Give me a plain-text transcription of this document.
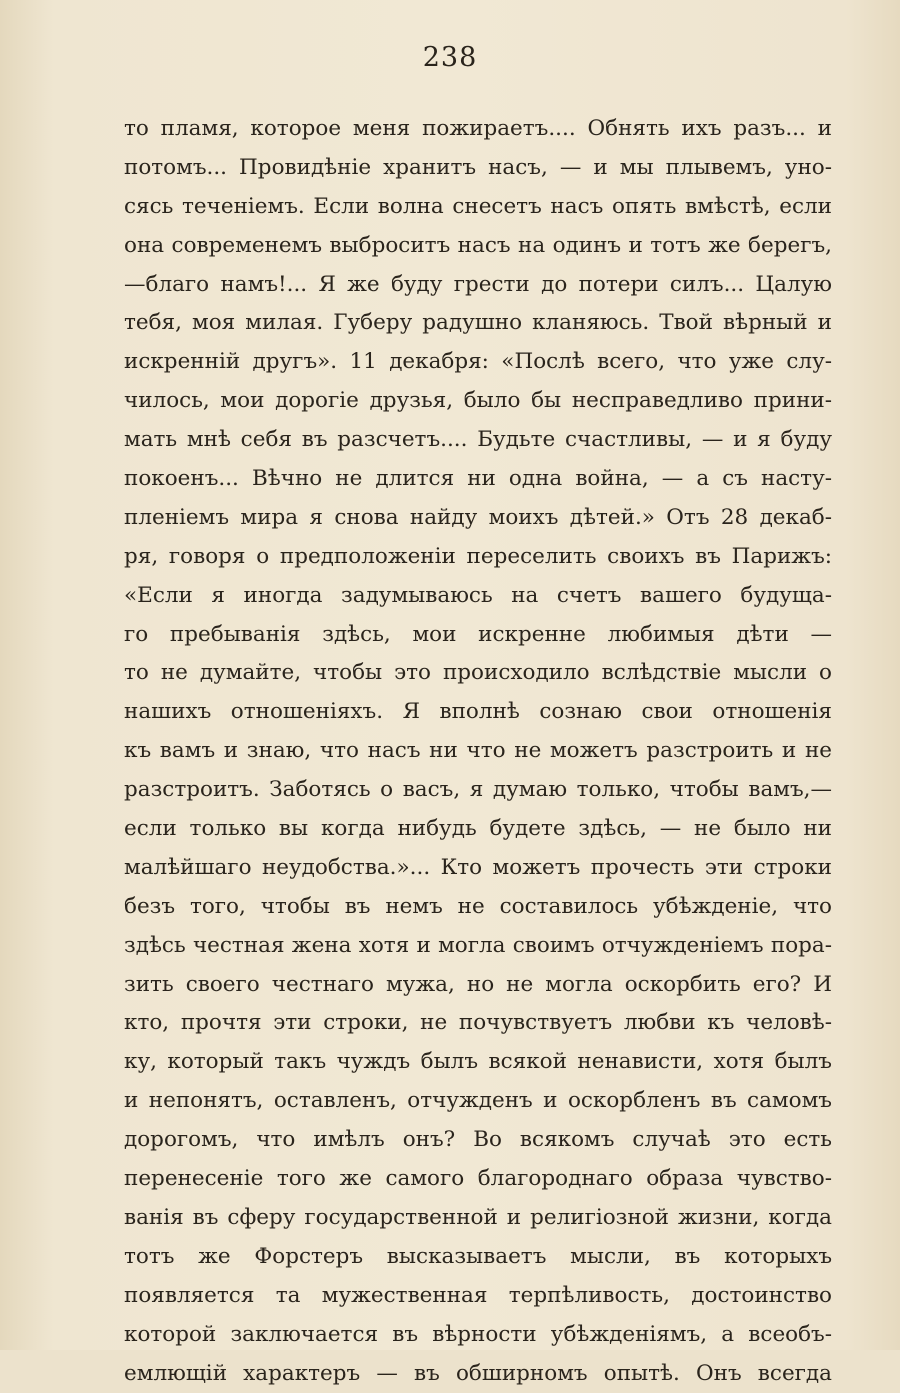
238
то пламя, которое меня пожираетъ.... Обнять ихъ разъ... и
потомъ... Провидѣніе хранитъ насъ, — и мы плывемъ, уно-
сясь теченіемъ. Если волна снесетъ насъ опять вмѣстѣ, если
она современемъ выброситъ насъ на одинъ и тотъ же берегъ,
—благо намъ!... Я же буду грести до потери силъ... Цалую
тебя, моя милая. Губеру радушно кланяюсь. Твой вѣрный и
искренній другъ». 11 декабря: «Послѣ всего, что уже слу-
чилось, мои дорогіе друзья, было бы несправедливо прини-
мать мнѣ себя въ разсчетъ.... Будьте счастливы, — и я буду
покоенъ... Вѣчно не длится ни одна война, — а съ насту-
пленіемъ мира я снова найду моихъ дѣтей.» Отъ 28 декаб-
ря, говоря о предположеніи переселить своихъ въ Парижъ:
«Если я иногда задумываюсь на счетъ вашего будуща-
го пребыванія здѣсь, мои искренне любимыя дѣти —
то не думайте, чтобы это происходило вслѣдствіе мысли о
нашихъ отношеніяхъ. Я вполнѣ сознаю свои отношенія
къ вамъ и знаю, что насъ ни что не можетъ разстроить и не
разстроитъ. Заботясь о васъ, я думаю только, чтобы вамъ,—
если только вы когда нибудь будете здѣсь, — не было ни
малѣйшаго неудобства.»... Кто можетъ прочесть эти строки
безъ того, чтобы въ немъ не составилось убѣжденіе, что
здѣсь честная жена хотя и могла своимъ отчужденіемъ пора-
зить своего честнаго мужа, но не могла оскорбить его? И
кто, прочтя эти строки, не почувствуетъ любви къ человѣ-
ку, который такъ чуждъ былъ всякой ненависти, хотя былъ
и непонятъ, оставленъ, отчужденъ и оскорбленъ въ самомъ
дорогомъ, что имѣлъ онъ? Во всякомъ случаѣ это есть
перенесеніе того же самого благороднаго образа чувство-
ванія въ сферу государственной и религіозной жизни, когда
тотъ же Форстеръ высказываетъ мысли, въ которыхъ
появляется та мужественная терпѣливость, достоинство
которой заключается въ вѣрности убѣжденіямъ, а всеобъ-
емлющій характеръ — въ обширномъ опытѣ. Онъ всегда
